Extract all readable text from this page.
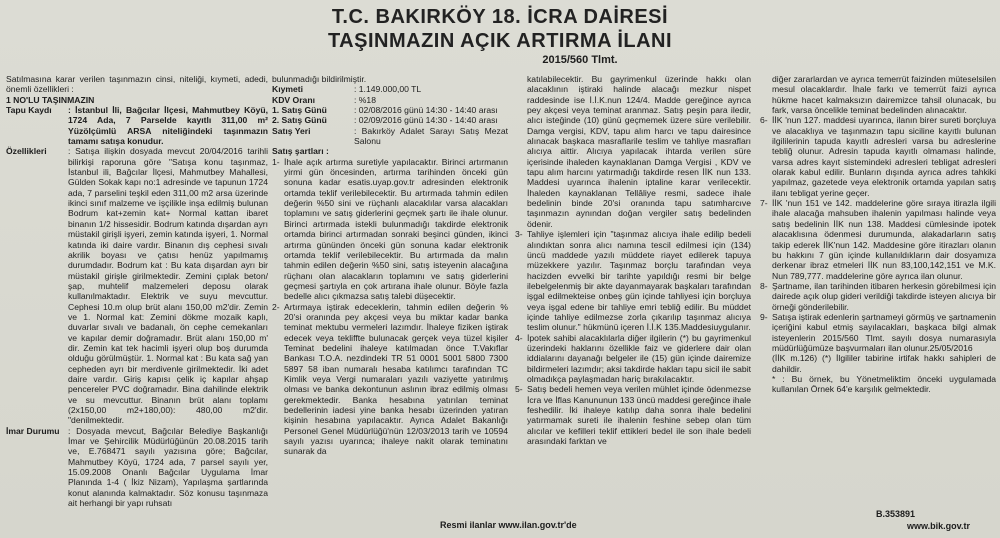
T.C. BAKIRKÖY 18. İCRA DAİRESİ
TAŞINMAZIN AÇIK ARTIRMA İLANI
2015/560 Tlmt.

Satılmasına karar verilen taşınmazın cinsi, niteliği, kıymeti, adedi, önemli özellikleri :

1 NO'LU TAŞINMAZIN

Tapu Kaydı	: İstanbul İli, Bağcılar İlçesi, Mahmutbey Köyü, 1724 Ada, 7 Parselde kayıtlı 311,00 m² Yüzölçümlü ARSA niteliğindeki taşınmazın tamamı satışa konudur.
Özellikleri	: Satışa ilişkin dosyada mevcut 20/04/2016 tarihli bilirkişi raporuna göre "Satışa konu taşınmaz, İstanbul ili, Bağcılar İlçesi, Mahmutbey Mahallesi, Gülden Sokak kapı no:1 adresinde ve tapunun 1724 ada, 7 parselini teşkil eden 311,00 m2 arsa üzerinde ikinci sınıf malzeme ve işçilikle inşa edilmiş bulunan Bodrum kat+zemin kat+ Normal kattan ibaret binanın 1/2 hissesidir. Bodrum katında dışardan ayrı müstakil girişli işyeri, zemin katında işyeri, 1. Normal katında iki daire vardır. Binanın dış cephesi sıvalı akrilik boyası ve çatısı henüz yapılmamış durumdadır. Bodrum kat : Bu kata dışardan ayrı bir müstakil girişle girilmektedir. Zemini çıplak beton/şap, muhtelif malzemeleri deposu olarak kullanılmaktadır. Elektrik ve suyu mevcuttur. Cephesi 10.m olup brüt alanı 150,00 m2'dir. Zemin ve 1. Normal kat: Zemini dökme mozaik kaplı, duvarlar sıvalı ve badanalı, ön cephe cemekanları ve kapılar demir doğramadır. Brüt alanı 150,00 m' dir. Zemin kat tek hacimli işyeri olup boş durumda olduğu görülmüştür. 1. Normal kat : Bu kata sağ yan cepheden ayrı bir merdivenle girilmektedir. İki adet daire vardır. Giriş kapısı çelik iç kapılar ahşap pencereler PVC doğramadır. Bina dahilinde elektrik ve su mevcuttur. Binanın brüt alanı toplamı (2x150,00 m2+180,00): 480,00 m2'dir. "denilmektedir.
İmar Durumu : Dosyada mevcut, Bağcılar Belediye Başkanlığı İmar ve Şehircilik Müdürlüğünün 20.08.2015 tarih ve, E.768471 sayılı yazısına göre; Bağcılar, Mahmutbey Köyü, 1724 ada, 7 parsel sayılı yer, 15.09.2008 Onanlı Bağcılar Uygulama İmar Planında 1-4 ( İkiz Nizam), Yapılaşma şartlarında konut alanında kalmaktadır. Söz konusu taşınmaza ait herhangi bir yapı ruhsatı

bulunmadığı bildirilmiştir.

Kıymeti	: 1.149.000,00 TL
KDV Oranı	: %18
1. Satış Günü	: 02/08/2016 günü 14:30 - 14:40 arası
2. Satış Günü	: 02/09/2016 günü 14:30 - 14:40 arası
Satış Yeri	: Bakırköy Adalet Sarayı Satış Mezat Salonu

Satış şartları :

1- İhale açık artırma suretiyle yapılacaktır. Birinci artırmanın yirmi gün öncesinden, artırma tarihinden önceki gün sonuna kadar esatis.uyap.gov.tr adresinden elektronik ortamda teklif verilebilecektir. Bu artırmada tahmin edilen değerin %50 sini ve rüçhanlı alacaklılar varsa alacakları toplamını ve satış giderlerini geçmek şartı ile ihale olunur. Birinci artırmada istekli bulunmadığı takdirde elektronik ortamda birinci artırmadan sonraki beşinci günden, ikinci artırma gününden önceki gün sonuna kadar elektronik ortamda teklif verilebilecektir. Bu artırmada da malın tahmin edilen değerin %50 sini, satış isteyenin alacağına rüçhanı olan alacakların toplamını ve satış giderlerini geçmesi şartıyla en çok artırana ihale olunur. Böyle fazla bedelle alıcı çıkmazsa satış talebi düşecektir.
2- Artırmaya iştirak edeceklerin, tahmin edilen değerin % 20'si oranında pey akçesi veya bu miktar kadar banka teminat mektubu vermeleri lazımdır. İhaleye fiziken iştirak edecek veya tekliffte bulunacak gerçek veya tüzel kişiler Teminat bedelini ihaleye katılmadan önce T.Vakıflar Bankası T.O.A. nezdindeki TR 51 0001 5001 5800 7300 5897 58 iban numaralı hesaba katılımcı tarafından TC Kimlik veya Vergi numaraları yazılı vaziyette yatırılmış olması ve banka dekontunun aslının ibraz edilmiş olması gerekmektedir. Banka hesabına yatırılan teminat bedellerinin iadesi yine banka hesabı üzerinden yatıran kişinin hesabına yapılacaktır. Ayrıca Adalet Bakanlığı Personel Genel Müdürlüğü'nün 12/03/2013 tarih ve 10594 sayılı yazısı uyarınca; ihaleye nakit olarak teminatını sunarak da

katılabilecektir. Bu gayrimenkul üzerinde hakkı olan alacaklının iştiraki halinde alacağı mezkur nispet raddesinde ise İ.İ.K.nun 124/4. Madde gereğince ayrıca pey akçesi veya teminat aranmaz. Satış peşin para iledir, alıcı isteğinde (10) günü geçmemek üzere süre verilebilir. Damga vergisi, KDV, tapu alım harcı ve tapu dairesince alınacak başkaca masraflarile teslim ve tahliye masrafları alıcıya aittir. Alıcıya yapılacak ihtarda verilen süre içerisinde ihaleden kaynaklanan Damga Vergisi , KDV ve tapu alım harcını yatırmadığı takdirde resen İİK nun 133. Maddesi uyarınca ihalenin iptaline karar verilecektir. İhaleden kaynaklanan Tellâliye resmi, sadece ihale bedelinin binde 20'si oranında tapu satımharcıve taşınmazın aynından doğan vergiler satış bedelinden ödenir.

3- Tahliye işlemleri için "taşınmaz alıcıya ihale edilip bedeli alındıktan sonra alıcı namına tescil edilmesi için (134) üncü maddede yazılı müddete riayet edilerek tapuya müzekkere yazılır. Taşınmaz borçlu tarafından veya hacizden evvelki bir tarihte yapıldığı resmi bir belge ilebelgelenmiş bir akte dayanmayarak başkaları tarafından işgal edilmekteise onbeş gün içinde tahliyesi için borçluya veya işgal edene bir tahliye emri tebliğ edilir. Bu müddet içinde tahliye edilmezse zorla çıkarılıp taşınmaz alıcıya teslim olunur." hükmünü içeren İ.İ.K 135.Maddesiuygulanır.
4- İpotek sahibi alacaklılarla diğer ilgilerin (*) bu gayrimenkul üzerindeki haklarını özellikle faiz ve giderlere dair olan iddialarını dayanağı belgeler ile (15) gün içinde dairemize bildirmeleri lazımdır; aksi takdirde hakları tapu sicil ile sabit olmadıkça paylaşmadan hariç bırakılacaktır.
5- Satış bedeli hemen veya verilen mühlet içinde ödenmezse İcra ve İflas Kanununun 133 üncü maddesi gereğince ihale feshedilir. İki ihaleye katılıp daha sonra ihale bedelini yatırmamak sureti ile ihalenin feshine sebep olan tüm alıcılar ve kefilleri teklif ettikleri bedel ile son ihale bedeli arasındaki farktan ve

diğer zararlardan ve ayrıca temerrüt faizinden müteselsilen mesul olacaklardır. İhale farkı ve temerrüt faizi ayrıca hükme hacet kalmaksızın dairemizce tahsil olunacak, bu fark, varsa öncelikle teminat bedelinden alınacaktır.

6- İİK 'nun 127. maddesi uyarınca, ilanın birer sureti borçluya ve alacaklıya ve taşınmazın tapu siciline kayıtlı bulunan ilgililerinin tapuda kayıtlı adresleri varsa bu adreslerine tebliğ olunur. Adresin tapuda kayıtlı olmaması halinde, varsa adres kayıt sistemindeki adresleri tebligat adresleri olarak kabul edilir. Bunların dışında ayrıca adres tahkiki yapılmaz, gazetede veya elektronik ortamda yapılan satış ilanı tebligat yerine geçer.
7- İİK 'nun 151 ve 142. maddelerine göre sıraya itirazla ilgili ihale alacağa mahsuben ihalenin yapılması halinde veya satış bedelinin İİK nun 138. Maddesi cümlesinde ipotek alacaklısına ödenmesi durumunda, alakadarların satış takip ederek İİK'nun 142. Maddesine göre itirazları olanın bu hakkını 7 gün içinde kullanıldıkların dair dosyamıza derkenar ibraz etmeleri İİK nun 83,100,142,151 ve M.K. Nun 789,777. maddelerine göre ayrıca ilan olunur.
8- Şartname, ilan tarihinden itibaren herkesin görebilmesi için dairede açık olup gideri verildiği takdirde isteyen alıcıya bir örneği gönderilebilir.
9- Satışa iştirak edenlerin şartnameyi görmüş ve şartnamenin içeriğini kabul etmiş sayılacakları, başkaca bilgi almak isteyenlerin 2015/560 Tlmt. sayılı dosya numarasıyla müdürlüğümüze başvurmaları ilan olunur.25/05/2016

(İİK m.126) (*) İlgililer tabirine irtifak hakkı sahipleri de dahildir.

* : Bu örnek, bu Yönetmeliktim önceki uygulamada kullanılan Örnek 64'e karşılık gelmektedir.

Resmi ilanlar www.ilan.gov.tr'de
B.353891
www.bik.gov.tr
